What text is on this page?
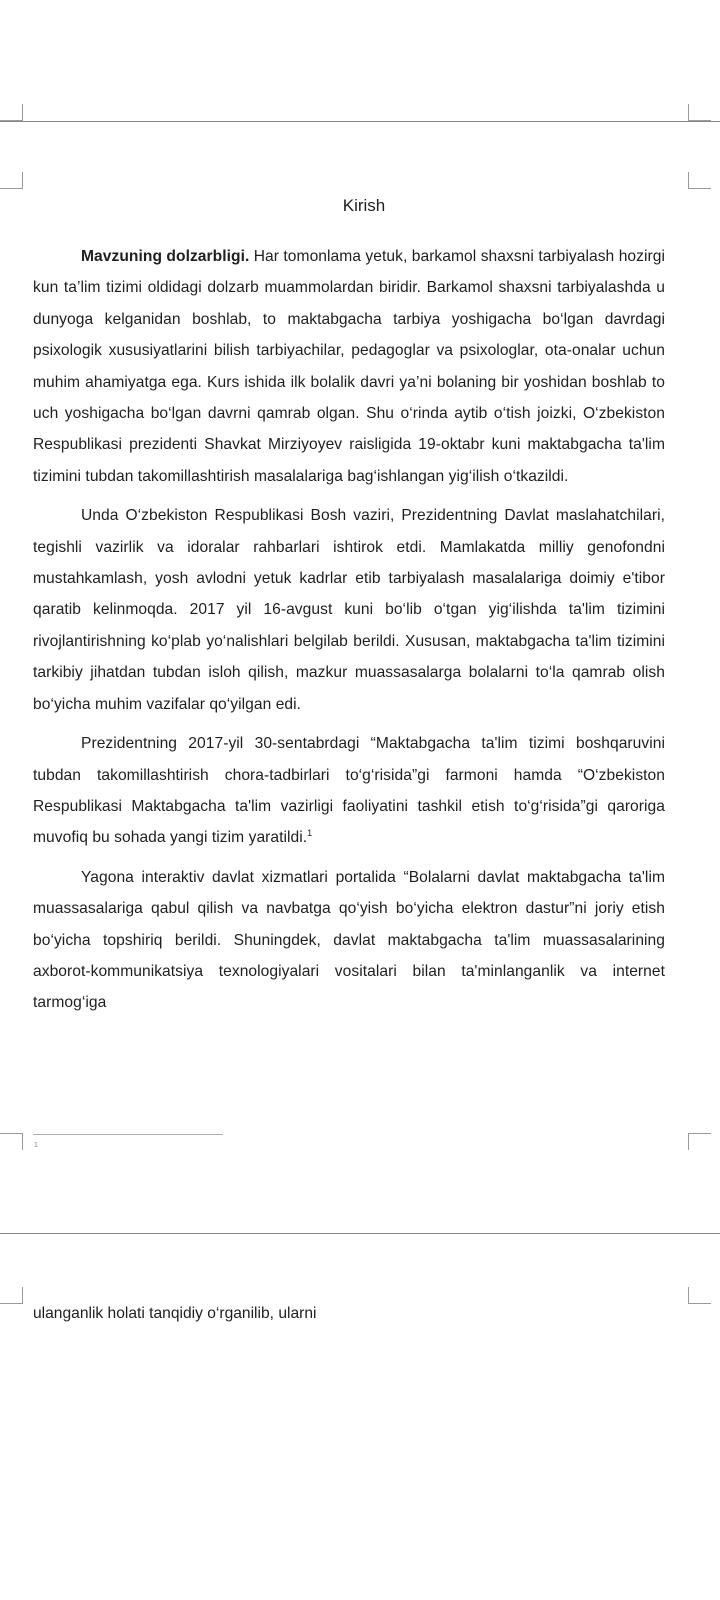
Kirish

Mavzuning dolzarbligi. Har tomonlama yetuk, barkamol shaxsni tarbiyalash hozirgi kun ta’lim tizimi oldidagi dolzarb muammolardan biridir. Barkamol shaxsni tarbiyalashda u dunyoga kelganidan boshlab, to maktabgacha tarbiya yoshigacha bo‘lgan davrdagi psixologik xususiyatlarini bilish tarbiyachilar, pedagoglar va psixologlar, ota-onalar uchun muhim ahamiyatga ega. Kurs ishida ilk bolalik davri ya’ni bolaning bir yoshidan boshlab to uch yoshigacha bo‘lgan davrni qamrab olgan. Shu o‘rinda aytib o‘tish joizki, O‘zbekiston Respublikasi prezidenti Shavkat Mirziyoyev raisligida 19-oktabr kuni maktabgacha ta'lim tizimini tubdan takomillashtirish masalalariga bag‘ishlangan yig‘ilish o‘tkazildi.

Unda O‘zbekiston Respublikasi Bosh vaziri, Prezidentning Davlat maslahatchilari, tegishli vazirlik va idoralar rahbarlari ishtirok etdi. Mamlakatda milliy genofondni mustahkamlash, yosh avlodni yetuk kadrlar etib tarbiyalash masalalariga doimiy e'tibor qaratib kelinmoqda. 2017 yil 16-avgust kuni bo‘lib o‘tgan yig‘ilishda ta'lim tizimini rivojlantirishning ko‘plab yo‘nalishlari belgilab berildi. Xususan, maktabgacha ta'lim tizimini tarkibiy jihatdan tubdan isloh qilish, mazkur muassasalarga bolalarni to‘la qamrab olish bo‘yicha muhim vazifalar qo‘yilgan edi.

Prezidentning 2017-yil 30-sentabrdagi “Maktabgacha ta'lim tizimi boshqaruvini tubdan takomillashtirish chora-tadbirlari to‘g‘risida”gi farmoni hamda “O‘zbekiston Respublikasi Maktabgacha ta'lim vazirligi faoliyatini tashkil etish to‘g‘risida”gi qaroriga muvofiq bu sohada yangi tizim yaratildi.$^1$

Yagona interaktiv davlat xizmatlari portalida “Bolalarni davlat maktabgacha ta'lim muassasalariga qabul qilish va navbatga qo‘yish bo‘yicha elektron dastur”ni joriy etish bo‘yicha topshiriq berildi. Shuningdek, davlat maktabgacha ta'lim muassasalarining axborot-kommunikatsiya texnologiyalari vositalari bilan ta'minlanganlik va internet tarmog‘iga

1

ulanganlik holati tanqidiy o‘rganilib, ularni
